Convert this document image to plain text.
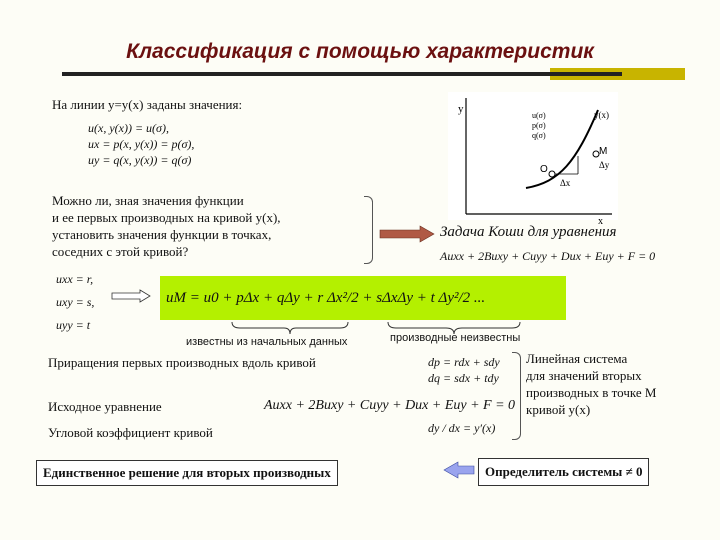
Классификация с помощью характеристик
На линии y=y(x) заданы значения:
u(x, y(x)) = u(σ),
ux = p(x, y(x)) = p(σ),
uy = q(x, y(x)) = q(σ)
y
x
u(σ)
p(σ)
q(σ)
y(x)
O
M
Δx
Δy
Можно ли, зная значения функции
и ее первых производных на кривой y(x),
установить значения функции в точках,
соседних с этой кривой?
Задача Коши для уравнения
Auxx + 2Buxy + Cuyy + Dux + Euy + F = 0
uxx = r,
uxy = s,
uyy = t
uM = u0 + pΔx + qΔy + r Δx²/2 + sΔxΔy + t Δy²/2 ...
известны из начальных данных	производные неизвестны
Приращения первых производных вдоль кривой	dp = rdx + sdy
dq = sdx + tdy
Исходное уравнение	Auxx + 2Buxy + Cuyy + Dux + Euy + F = 0
Угловой коэффициент кривой	dy / dx = y′(x)
Линейная система
для значений вторых
производных в точке M
кривой y(x)
Единственное решение для вторых производных	Определитель системы ≠ 0
